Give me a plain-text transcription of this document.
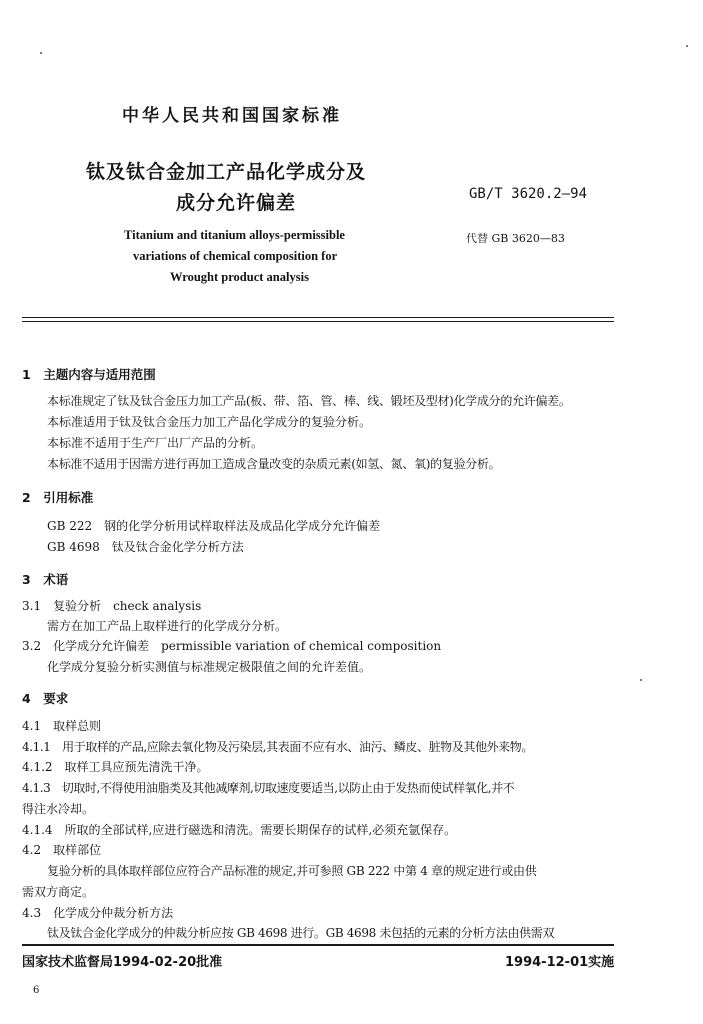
中华人民共和国国家标准
钛及钛合金加工产品化学成分及
成分允许偏差	GB/T 3620.2—94
Titanium and titanium alloys-permissible
variations of chemical composition for
Wrought product analysis
代替 GB 3620—83
1　主题内容与适用范围
本标准规定了钛及钛合金压力加工产品(板、带、箔、管、棒、线、锻坯及型材)化学成分的允许偏差。
本标准适用于钛及钛合金压力加工产品化学成分的复验分析。
本标准不适用于生产厂出厂产品的分析。
本标准不适用于因需方进行再加工造成含量改变的杂质元素(如氢、氮、氧)的复验分析。
2　引用标准
GB 222　钢的化学分析用试样取样法及成品化学成分允许偏差
GB 4698　钛及钛合金化学分析方法
3　术语
3.1　复验分析　check analysis
需方在加工产品上取样进行的化学成分分析。
3.2　化学成分允许偏差　permissible variation of chemical composition
化学成分复验分析实测值与标准规定极限值之间的允许差值。
4　要求
4.1　取样总则
4.1.1　用于取样的产品,应除去氧化物及污染层,其表面不应有水、油污、鳞皮、脏物及其他外来物。
4.1.2　取样工具应预先清洗干净。
4.1.3　切取时,不得使用油脂类及其他减摩剂,切取速度要适当,以防止由于发热而使试样氧化,并不
得注水冷却。
4.1.4　所取的全部试样,应进行磁选和清洗。需要长期保存的试样,必须充氩保存。
4.2　取样部位
复验分析的具体取样部位应符合产品标准的规定,并可参照 GB 222 中第 4 章的规定进行或由供
需双方商定。
4.3　化学成分仲裁分析方法
钛及钛合金化学成分的仲裁分析应按 GB 4698 进行。GB 4698 未包括的元素的分析方法由供需双
国家技术监督局1994-02-20批准	1994-12-01实施
6
